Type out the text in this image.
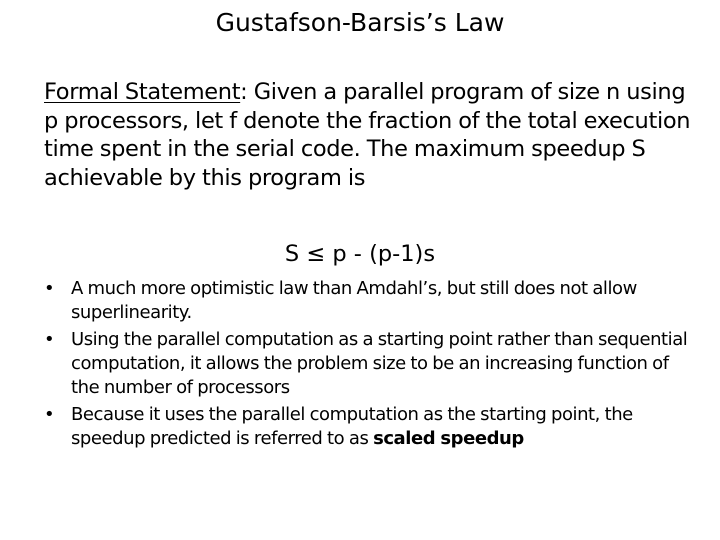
Gustafson-Barsis’s Law
Formal Statement: Given a parallel program of size n using p processors, let f denote the fraction of the total execution time spent in the serial code. The maximum speedup S achievable by this program is
S ≤ p - (p-1)s
• A much more optimistic law than Amdahl’s, but still does not allow superlinearity.
• Using the parallel computation as a starting point rather than sequential computation, it allows the problem size to be an increasing function of the number of processors
• Because it uses the parallel computation as the starting point, the speedup predicted is referred to as scaled speedup
